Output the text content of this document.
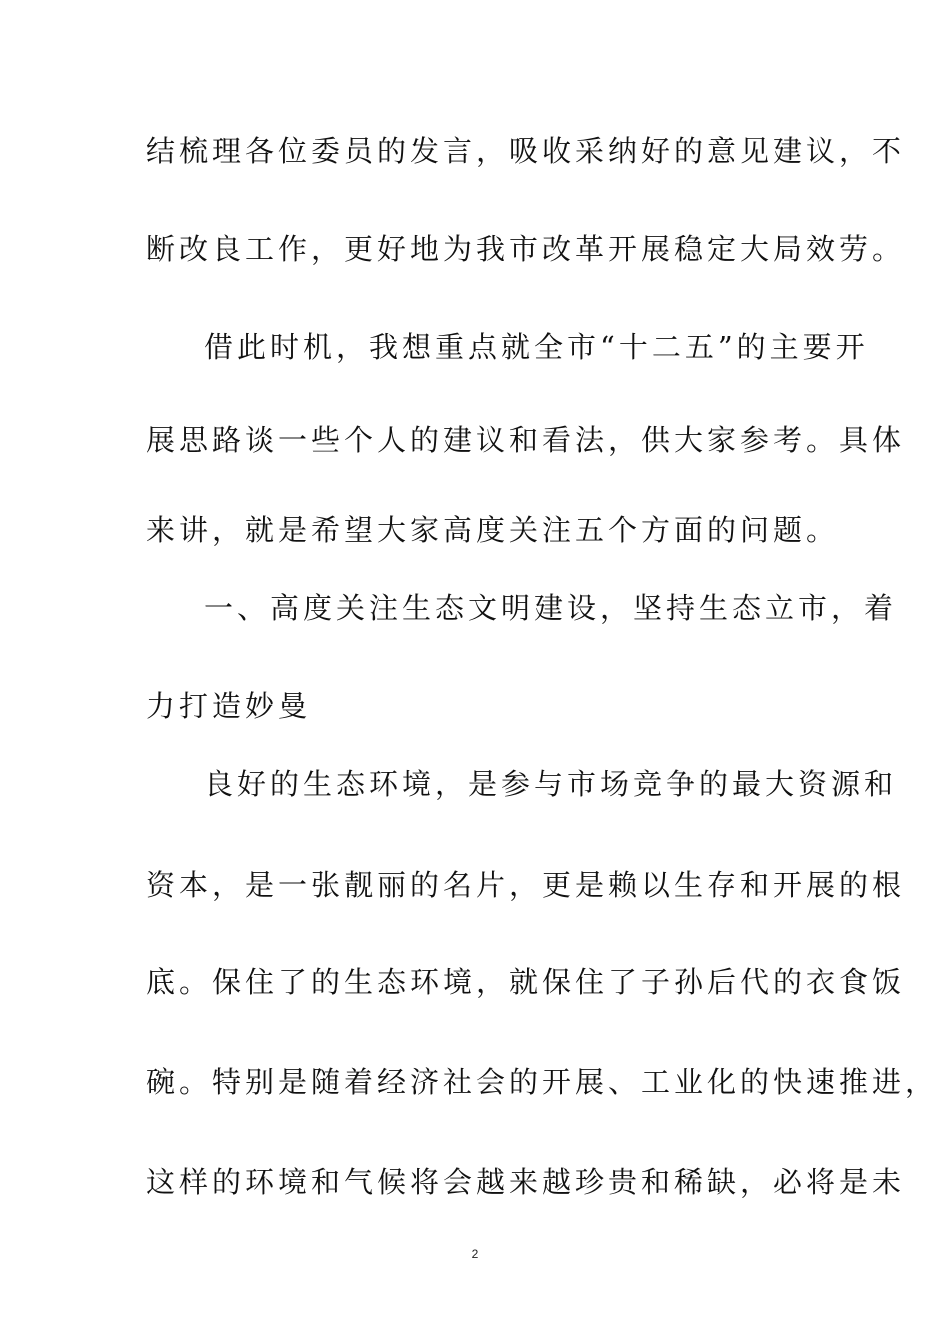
结梳理各位委员的发言，吸收采纳好的意见建议，不
断改良工作，更好地为我市改革开展稳定大局效劳。
借此时机，我想重点就全市“十二五”的主要开
展思路谈一些个人的建议和看法，供大家参考。具体
来讲，就是希望大家高度关注五个方面的问题。
一、高度关注生态文明建设，坚持生态立市，着
力打造妙曼
良好的生态环境，是参与市场竞争的最大资源和
资本，是一张靓丽的名片，更是赖以生存和开展的根
底。保住了的生态环境，就保住了子孙后代的衣食饭
碗。特别是随着经济社会的开展、工业化的快速推进，
这样的环境和气候将会越来越珍贵和稀缺，必将是未
2
